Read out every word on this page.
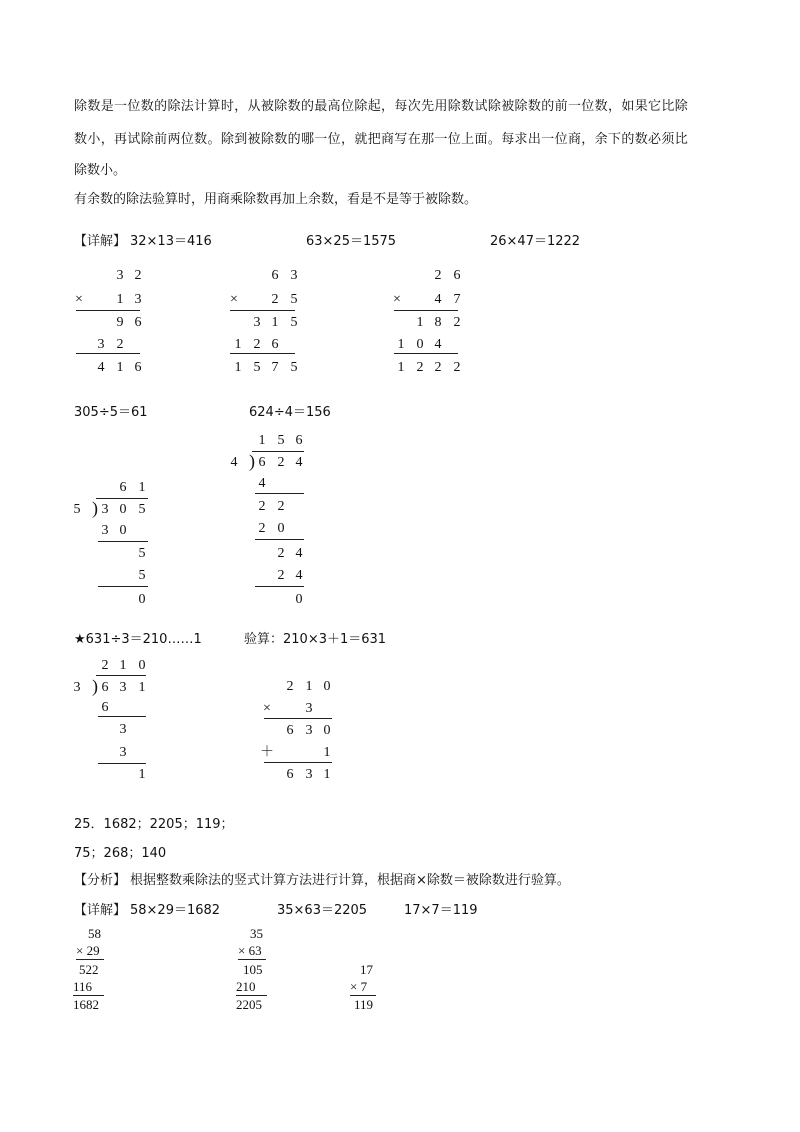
除数是一位数的除法计算时，从被除数的最高位除起，每次先用除数试除被除数的前一位数，如果它比除
数小，再试除前两位数。除到被除数的哪一位，就把商写在那一位上面。每求出一位商，余下的数必须比
除数小。
有余数的除法验算时，用商乘除数再加上余数，看是不是等于被除数。
【详解】 32×13＝416	63×25＝1575	26×47＝1222
3 2
×	1 3
9 6
3 2
4 1 6
6 3
×	2 5
3 1 5
1 2 6
1 5 7 5
2 6
×	4 7
1 8 2
1 0 4
1 2 2 2
305÷5＝61	624÷4＝156
6 1
5 ) 3 0 5
3 0
5
5
0
1 5 6
4 ) 6 2 4
4
2 2
2 0
2 4
2 4
0
★631÷3＝210……1	验算：210×3＋1＝631
2 1 0
3 ) 6 3 1
6
3
3
1
2 1 0
×	3
6 3 0
＋	1
6 3 1
25．1682；2205；119；
75；268；140
【分析】 根据整数乘除法的竖式计算方法进行计算，根据商×除数＝被除数进行验算。
【详解】 58×29＝1682	35×63＝2205	17×7＝119
58
× 29
522
116
1682
35
× 63
105
210
2205
17
× 7
119
